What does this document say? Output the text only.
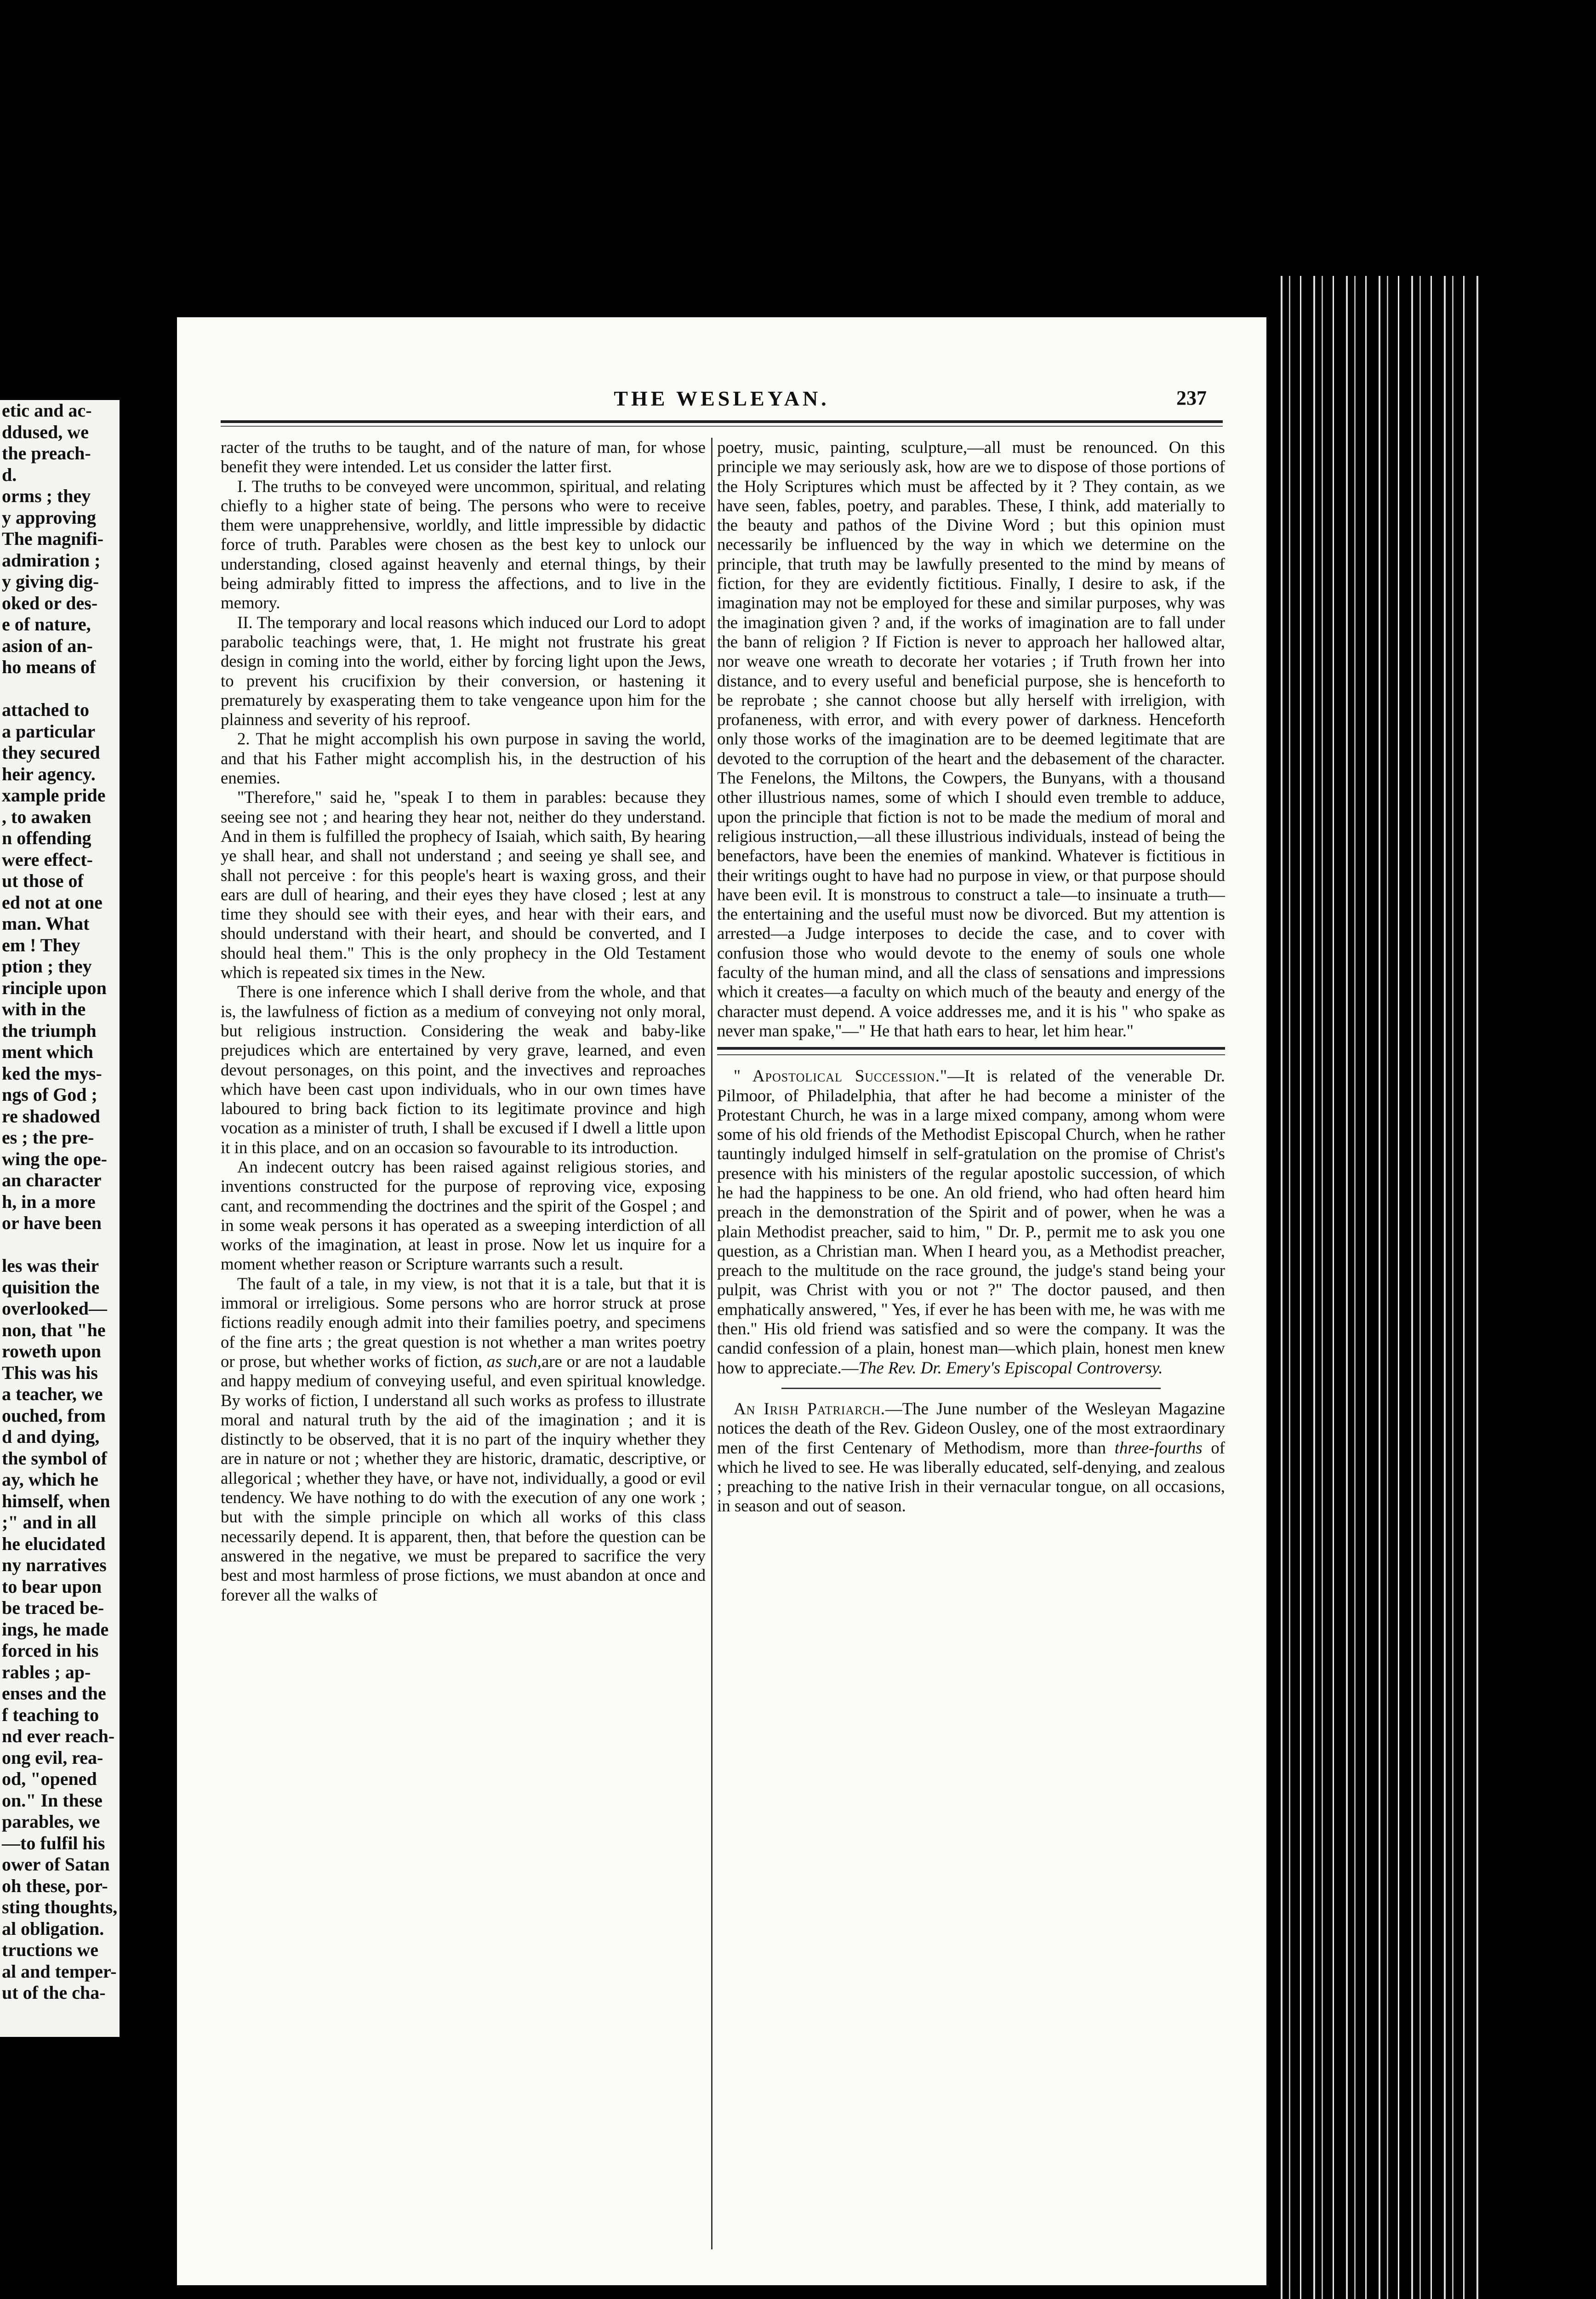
etic and ac-
ddused, we
the preach-
d.
orms ; they
y approving
The magnifi-
admiration ;
y giving dig-
oked or des-
e of nature,
asion of an-
ho means of

attached to
a particular
they secured
heir agency.
xample pride
, to awaken
n offending
were effect-
ut those of
ed not at one
man. What
em ! They
ption ; they
rinciple upon
with in the
the triumph
ment which
ked the mys-
ngs of God ;
re shadowed
es ; the pre-
wing the ope-
an character
h, in a more
or have been

les was their
quisition the
overlooked—
non, that "he
roweth upon
This was his
a teacher, we
ouched, from
d and dying,
the symbol of
ay, which he
himself, when
;" and in all
he elucidated
ny narratives
to bear upon
be traced be-
ings, he made
forced in his
rables ; ap-
enses and the
f teaching to
nd ever reach-
ong evil, rea-
od, "opened
on." In these
parables, we
—to fulfil his
ower of Satan
oh these, por-
sting thoughts,
al obligation.
tructions we
al and temper-
ut of the cha-
THE WESLEYAN.	237

racter of the truths to be taught, and of the nature of man, for whose benefit they were intended. Let us consider the latter first.

I. The truths to be conveyed were uncommon, spiritual, and relating chiefly to a higher state of being. The persons who were to receive them were unapprehensive, worldly, and little impressible by didactic force of truth. Parables were chosen as the best key to unlock our understanding, closed against heavenly and eternal things, by their being admirably fitted to impress the affections, and to live in the memory.

II. The temporary and local reasons which induced our Lord to adopt parabolic teachings were, that, 1. He might not frustrate his great design in coming into the world, either by forcing light upon the Jews, to prevent his crucifixion by their conversion, or hastening it prematurely by exasperating them to take vengeance upon him for the plainness and severity of his reproof.

2. That he might accomplish his own purpose in saving the world, and that his Father might accomplish his, in the destruction of his enemies.

"Therefore," said he, "speak I to them in parables: because they seeing see not ; and hearing they hear not, neither do they understand. And in them is fulfilled the prophecy of Isaiah, which saith, By hearing ye shall hear, and shall not understand ; and seeing ye shall see, and shall not perceive : for this people's heart is waxing gross, and their ears are dull of hearing, and their eyes they have closed ; lest at any time they should see with their eyes, and hear with their ears, and should understand with their heart, and should be converted, and I should heal them." This is the only prophecy in the Old Testament which is repeated six times in the New.

There is one inference which I shall derive from the whole, and that is, the lawfulness of fiction as a medium of conveying not only moral, but religious instruction. Considering the weak and baby-like prejudices which are entertained by very grave, learned, and even devout personages, on this point, and the invectives and reproaches which have been cast upon individuals, who in our own times have laboured to bring back fiction to its legitimate province and high vocation as a minister of truth, I shall be excused if I dwell a little upon it in this place, and on an occasion so favourable to its introduction.

An indecent outcry has been raised against religious stories, and inventions constructed for the purpose of reproving vice, exposing cant, and recommending the doctrines and the spirit of the Gospel ; and in some weak persons it has operated as a sweeping interdiction of all works of the imagination, at least in prose. Now let us inquire for a moment whether reason or Scripture warrants such a result.

The fault of a tale, in my view, is not that it is a tale, but that it is immoral or irreligious. Some persons who are horror struck at prose fictions readily enough admit into their families poetry, and specimens of the fine arts ; the great question is not whether a man writes poetry or prose, but whether works of fiction, as such,are or are not a laudable and happy medium of conveying useful, and even spiritual knowledge. By works of fiction, I understand all such works as profess to illustrate moral and natural truth by the aid of the imagination ; and it is distinctly to be observed, that it is no part of the inquiry whether they are in nature or not ; whether they are historic, dramatic, descriptive, or allegorical ; whether they have, or have not, individually, a good or evil tendency. We have nothing to do with the execution of any one work ; but with the simple principle on which all works of this class necessarily depend. It is apparent, then, that before the question can be answered in the negative, we must be prepared to sacrifice the very best and most harmless of prose fictions, we must abandon at once and forever all the walks of

poetry, music, painting, sculpture,—all must be renounced. On this principle we may seriously ask, how are we to dispose of those portions of the Holy Scriptures which must be affected by it ? They contain, as we have seen, fables, poetry, and parables. These, I think, add materially to the beauty and pathos of the Divine Word ; but this opinion must necessarily be influenced by the way in which we determine on the principle, that truth may be lawfully presented to the mind by means of fiction, for they are evidently fictitious. Finally, I desire to ask, if the imagination may not be employed for these and similar purposes, why was the imagination given ? and, if the works of imagination are to fall under the bann of religion ? If Fiction is never to approach her hallowed altar, nor weave one wreath to decorate her votaries ; if Truth frown her into distance, and to every useful and beneficial purpose, she is henceforth to be reprobate ; she cannot choose but ally herself with irreligion, with profaneness, with error, and with every power of darkness. Henceforth only those works of the imagination are to be deemed legitimate that are devoted to the corruption of the heart and the debasement of the character. The Fenelons, the Miltons, the Cowpers, the Bunyans, with a thousand other illustrious names, some of which I should even tremble to adduce, upon the principle that fiction is not to be made the medium of moral and religious instruction,—all these illustrious individuals, instead of being the benefactors, have been the enemies of mankind. Whatever is fictitious in their writings ought to have had no purpose in view, or that purpose should have been evil. It is monstrous to construct a tale—to insinuate a truth—the entertaining and the useful must now be divorced. But my attention is arrested—a Judge interposes to decide the case, and to cover with confusion those who would devote to the enemy of souls one whole faculty of the human mind, and all the class of sensations and impressions which it creates—a faculty on which much of the beauty and energy of the character must depend. A voice addresses me, and it is his " who spake as never man spake,"—" He that hath ears to hear, let him hear."

" Apostolical Succession."—It is related of the venerable Dr. Pilmoor, of Philadelphia, that after he had become a minister of the Protestant Church, he was in a large mixed company, among whom were some of his old friends of the Methodist Episcopal Church, when he rather tauntingly indulged himself in self-gratulation on the promise of Christ's presence with his ministers of the regular apostolic succession, of which he had the happiness to be one. An old friend, who had often heard him preach in the demonstration of the Spirit and of power, when he was a plain Methodist preacher, said to him, " Dr. P., permit me to ask you one question, as a Christian man. When I heard you, as a Methodist preacher, preach to the multitude on the race ground, the judge's stand being your pulpit, was Christ with you or not ?" The doctor paused, and then emphatically answered, " Yes, if ever he has been with me, he was with me then." His old friend was satisfied and so were the company. It was the candid confession of a plain, honest man—which plain, honest men knew how to appreciate.—The Rev. Dr. Emery's Episcopal Controversy.

An Irish Patriarch.—The June number of the Wesleyan Magazine notices the death of the Rev. Gideon Ousley, one of the most extraordinary men of the first Centenary of Methodism, more than three-fourths of which he lived to see. He was liberally educated, self-denying, and zealous ; preaching to the native Irish in their vernacular tongue, on all occasions, in season and out of season.
